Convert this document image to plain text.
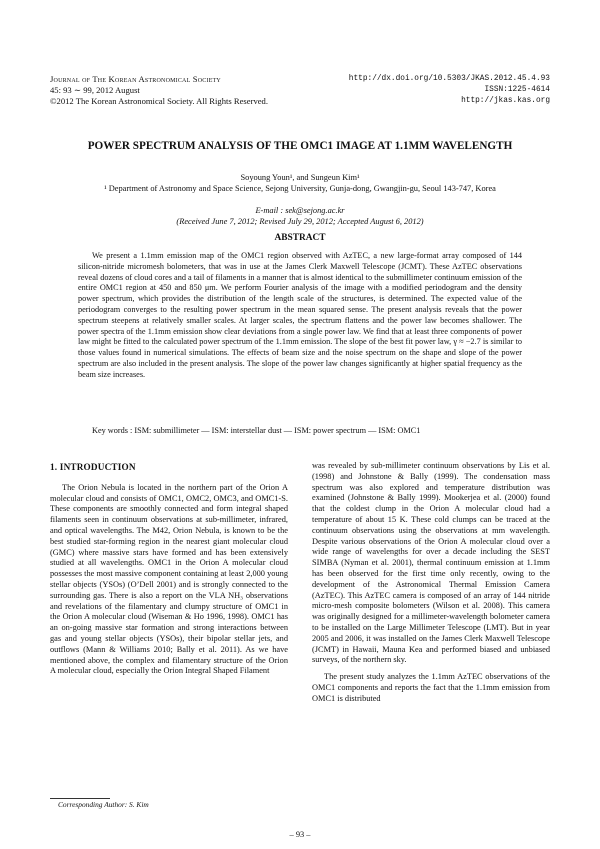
Journal of The Korean Astronomical Society
45: 93 ∼ 99, 2012 August
©2012 The Korean Astronomical Society. All Rights Reserved.
http://dx.doi.org/10.5303/JKAS.2012.45.4.93
ISSN:1225-4614
http://jkas.kas.org
POWER SPECTRUM ANALYSIS OF THE OMC1 IMAGE AT 1.1MM WAVELENGTH
Soyoung Youn¹, and Sungeun Kim¹
¹ Department of Astronomy and Space Science, Sejong University, Gunja-dong, Gwangjin-gu, Seoul 143-747, Korea
E-mail : sek@sejong.ac.kr
(Received June 7, 2012; Revised July 29, 2012; Accepted August 6, 2012)
ABSTRACT
We present a 1.1mm emission map of the OMC1 region observed with AzTEC, a new large-format array composed of 144 silicon-nitride micromesh bolometers, that was in use at the James Clerk Maxwell Telescope (JCMT). These AzTEC observations reveal dozens of cloud cores and a tail of filaments in a manner that is almost identical to the submillimeter continuum emission of the entire OMC1 region at 450 and 850 μm. We perform Fourier analysis of the image with a modified periodogram and the density power spectrum, which provides the distribution of the length scale of the structures, is determined. The expected value of the periodogram converges to the resulting power spectrum in the mean squared sense. The present analysis reveals that the power spectrum steepens at relatively smaller scales. At larger scales, the spectrum flattens and the power law becomes shallower. The power spectra of the 1.1mm emission show clear deviations from a single power law. We find that at least three components of power law might be fitted to the calculated power spectrum of the 1.1mm emission. The slope of the best fit power law, γ ≈ −2.7 is similar to those values found in numerical simulations. The effects of beam size and the noise spectrum on the shape and slope of the power spectrum are also included in the present analysis. The slope of the power law changes significantly at higher spatial frequency as the beam size increases.
Key words : ISM: submillimeter — ISM: interstellar dust — ISM: power spectrum — ISM: OMC1
1. INTRODUCTION

The Orion Nebula is located in the northern part of the Orion A molecular cloud and consists of OMC1, OMC2, OMC3, and OMC1-S. These components are smoothly connected and form integral shaped filaments seen in continuum observations at sub-millimeter, infrared, and optical wavelengths. The M42, Orion Nebula, is known to be the best studied star-forming region in the nearest giant molecular cloud (GMC) where massive stars have formed and has been extensively studied at all wavelengths. OMC1 in the Orion A molecular cloud possesses the most massive component containing at least 2,000 young stellar objects (YSOs) (O’Dell 2001) and is strongly connected to the surrounding gas. There is also a report on the VLA NH₃ observations and revelations of the filamentary and clumpy structure of OMC1 in the Orion A molecular cloud (Wiseman & Ho 1996, 1998). OMC1 has an on-going massive star formation and strong interactions between gas and young stellar objects (YSOs), their bipolar stellar jets, and outflows (Mann & Williams 2010; Bally et al. 2011). As we have mentioned above, the complex and filamentary structure of the Orion A molecular cloud, especially the Orion Integral Shaped Filament

was revealed by sub-millimeter continuum observations by Lis et al. (1998) and Johnstone & Bally (1999). The condensation mass spectrum was also explored and temperature distribution was examined (Johnstone & Bally 1999). Mookerjea et al. (2000) found that the coldest clump in the Orion A molecular cloud had a temperature of about 15 K. These cold clumps can be traced at the continuum observations using the observations at mm wavelength. Despite various observations of the Orion A molecular cloud over a wide range of wavelengths for over a decade including the SEST SIMBA (Nyman et al. 2001), thermal continuum emission at 1.1mm has been observed for the first time only recently, owing to the development of the Astronomical Thermal Emission Camera (AzTEC). This AzTEC camera is composed of an array of 144 nitride micro-mesh composite bolometers (Wilson et al. 2008). This camera was originally designed for a millimeter-wavelength bolometer camera to be installed on the Large Millimeter Telescope (LMT). But in year 2005 and 2006, it was installed on the James Clerk Maxwell Telescope (JCMT) in Hawaii, Mauna Kea and performed biased and unbiased surveys, of the northern sky.

The present study analyzes the 1.1mm AzTEC observations of the OMC1 components and reports the fact that the 1.1mm emission from OMC1 is distributed

Corresponding Author: S. Kim
– 93 –
